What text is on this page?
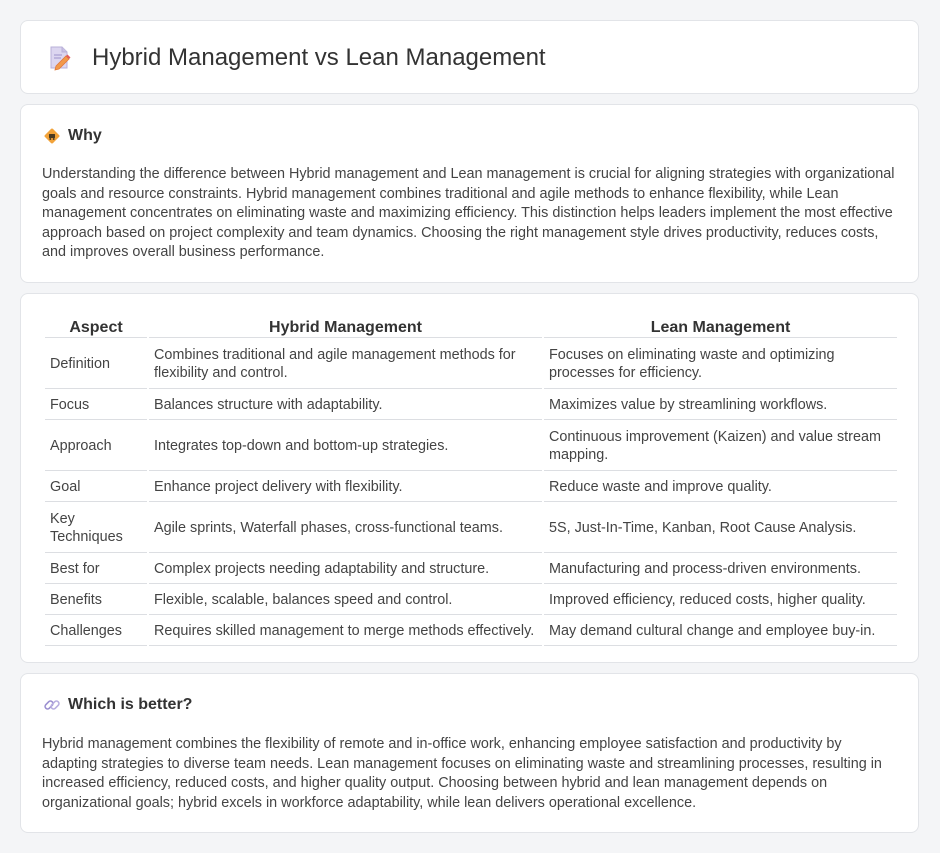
Hybrid Management vs Lean Management
Why

Understanding the difference between Hybrid management and Lean management is crucial for aligning strategies with organizational goals and resource constraints. Hybrid management combines traditional and agile methods to enhance flexibility, while Lean management concentrates on eliminating waste and maximizing efficiency. This distinction helps leaders implement the most effective approach based on project complexity and team dynamics. Choosing the right management style drives productivity, reduces costs, and improves overall business performance.

Aspect	Hybrid Management	Lean Management
Definition	Combines traditional and agile management methods for flexibility and control.	Focuses on eliminating waste and optimizing processes for efficiency.
Focus	Balances structure with adaptability.	Maximizes value by streamlining workflows.
Approach	Integrates top-down and bottom-up strategies.	Continuous improvement (Kaizen) and value stream mapping.
Goal	Enhance project delivery with flexibility.	Reduce waste and improve quality.
Key Techniques	Agile sprints, Waterfall phases, cross-functional teams.	5S, Just-In-Time, Kanban, Root Cause Analysis.
Best for	Complex projects needing adaptability and structure.	Manufacturing and process-driven environments.
Benefits	Flexible, scalable, balances speed and control.	Improved efficiency, reduced costs, higher quality.
Challenges	Requires skilled management to merge methods effectively.	May demand cultural change and employee buy-in.
Which is better?

Hybrid management combines the flexibility of remote and in-office work, enhancing employee satisfaction and productivity by adapting strategies to diverse team needs. Lean management focuses on eliminating waste and streamlining processes, resulting in increased efficiency, reduced costs, and higher quality output. Choosing between hybrid and lean management depends on organizational goals; hybrid excels in workforce adaptability, while lean delivers operational excellence.
